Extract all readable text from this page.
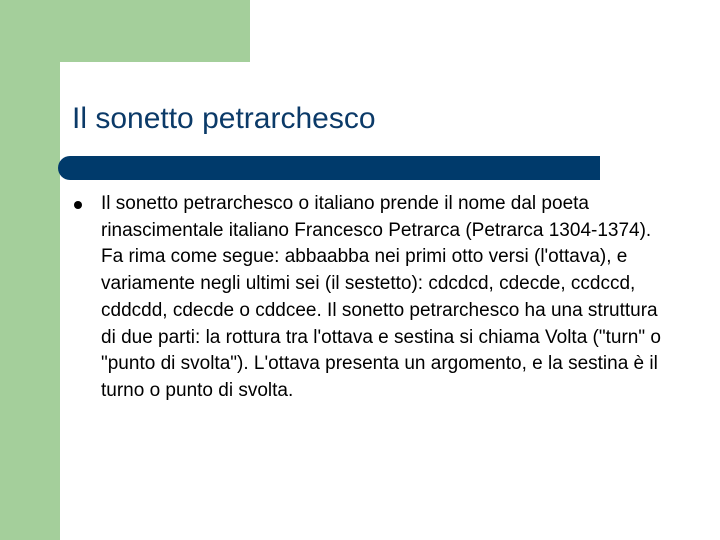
Il sonetto petrarchesco

Il sonetto petrarchesco o italiano prende il nome dal poeta rinascimentale italiano Francesco Petrarca (Petrarca 1304-1374). Fa rima come segue: abbaabba nei primi otto versi (l'ottava), e variamente negli ultimi sei (il sestetto): cdcdcd, cdecde, ccdccd, cddcdd, cdecde o cddcee. Il sonetto petrarchesco ha una struttura di due parti: la rottura tra l'ottava e sestina si chiama Volta ("turn" o "punto di svolta"). L'ottava presenta un argomento, e la sestina è il turno o punto di svolta.
